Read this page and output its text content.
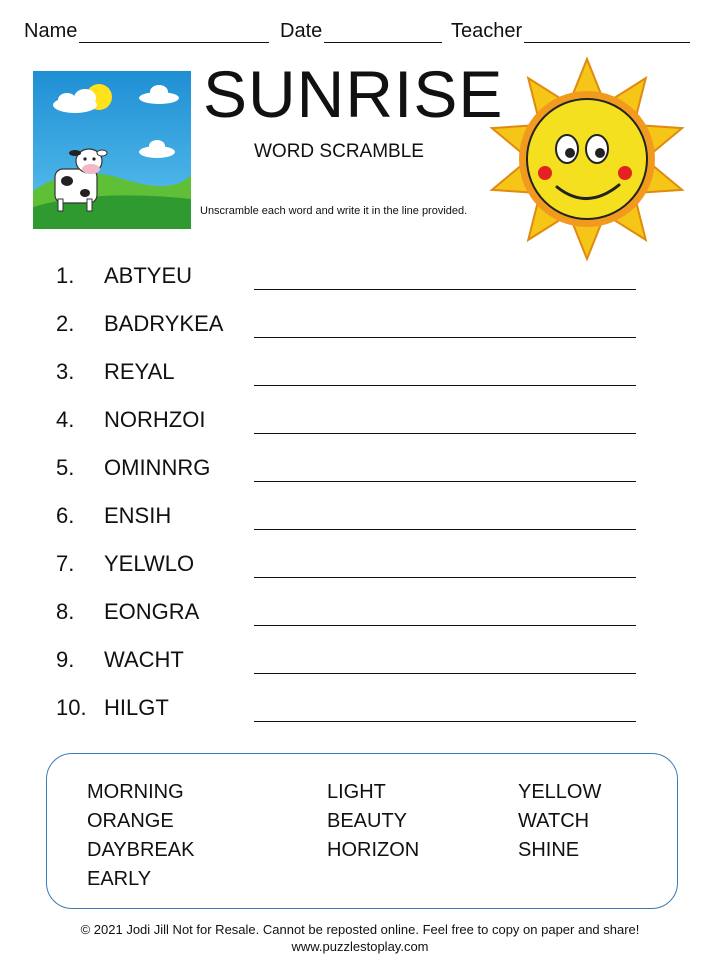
Name	Date	Teacher
SUNRISE
WORD SCRAMBLE
Unscramble each word and write it in the line provided.
1. ABTYEU
2. BADRYKEA
3. REYAL
4. NORHZOI
5. OMINNRG
6. ENSIH
7. YELWLO
8. EONGRA
9. WACHT
10. HILGT
MORNING
ORANGE
DAYBREAK
EARLY
LIGHT
BEAUTY
HORIZON
YELLOW
WATCH
SHINE
© 2021 Jodi Jill Not for Resale. Cannot be reposted online. Feel free to copy on paper and share!
www.puzzlestoplay.com
